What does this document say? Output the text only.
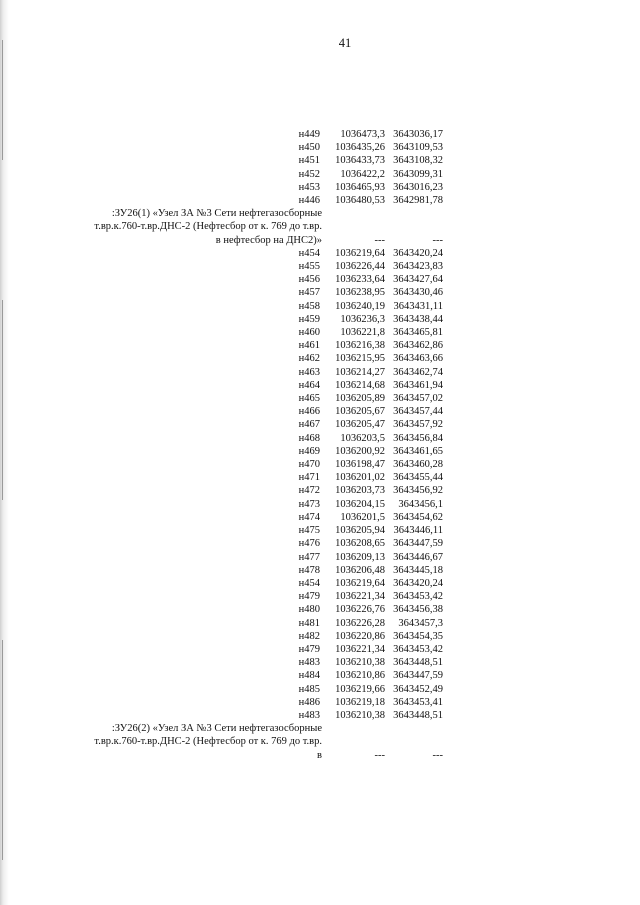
41
н449	1036473,3	3643036,17
н450	1036435,26	3643109,53
н451	1036433,73	3643108,32
н452	1036422,2	3643099,31
н453	1036465,93	3643016,23
н446	1036480,53	3642981,78
:ЗУ26(1) «Узел ЗА №3 Сети нефтегазосборные т.вр.к.760-т.вр.ДНС-2 (Нефтесбор от к. 769 до т.вр. в нефтесбор на ДНС2)»	---	---
н454	1036219,64	3643420,24
н455	1036226,44	3643423,83
н456	1036233,64	3643427,64
н457	1036238,95	3643430,46
н458	1036240,19	3643431,11
н459	1036236,3	3643438,44
н460	1036221,8	3643465,81
н461	1036216,38	3643462,86
н462	1036215,95	3643463,66
н463	1036214,27	3643462,74
н464	1036214,68	3643461,94
н465	1036205,89	3643457,02
н466	1036205,67	3643457,44
н467	1036205,47	3643457,92
н468	1036203,5	3643456,84
н469	1036200,92	3643461,65
н470	1036198,47	3643460,28
н471	1036201,02	3643455,44
н472	1036203,73	3643456,92
н473	1036204,15	3643456,1
н474	1036201,5	3643454,62
н475	1036205,94	3643446,11
н476	1036208,65	3643447,59
н477	1036209,13	3643446,67
н478	1036206,48	3643445,18
н454	1036219,64	3643420,24
н479	1036221,34	3643453,42
н480	1036226,76	3643456,38
н481	1036226,28	3643457,3
н482	1036220,86	3643454,35
н479	1036221,34	3643453,42
н483	1036210,38	3643448,51
н484	1036210,86	3643447,59
н485	1036219,66	3643452,49
н486	1036219,18	3643453,41
н483	1036210,38	3643448,51
:ЗУ26(2) «Узел ЗА №3 Сети нефтегазосборные т.вр.к.760-т.вр.ДНС-2 (Нефтесбор от к. 769 до т.вр. в	---	---
